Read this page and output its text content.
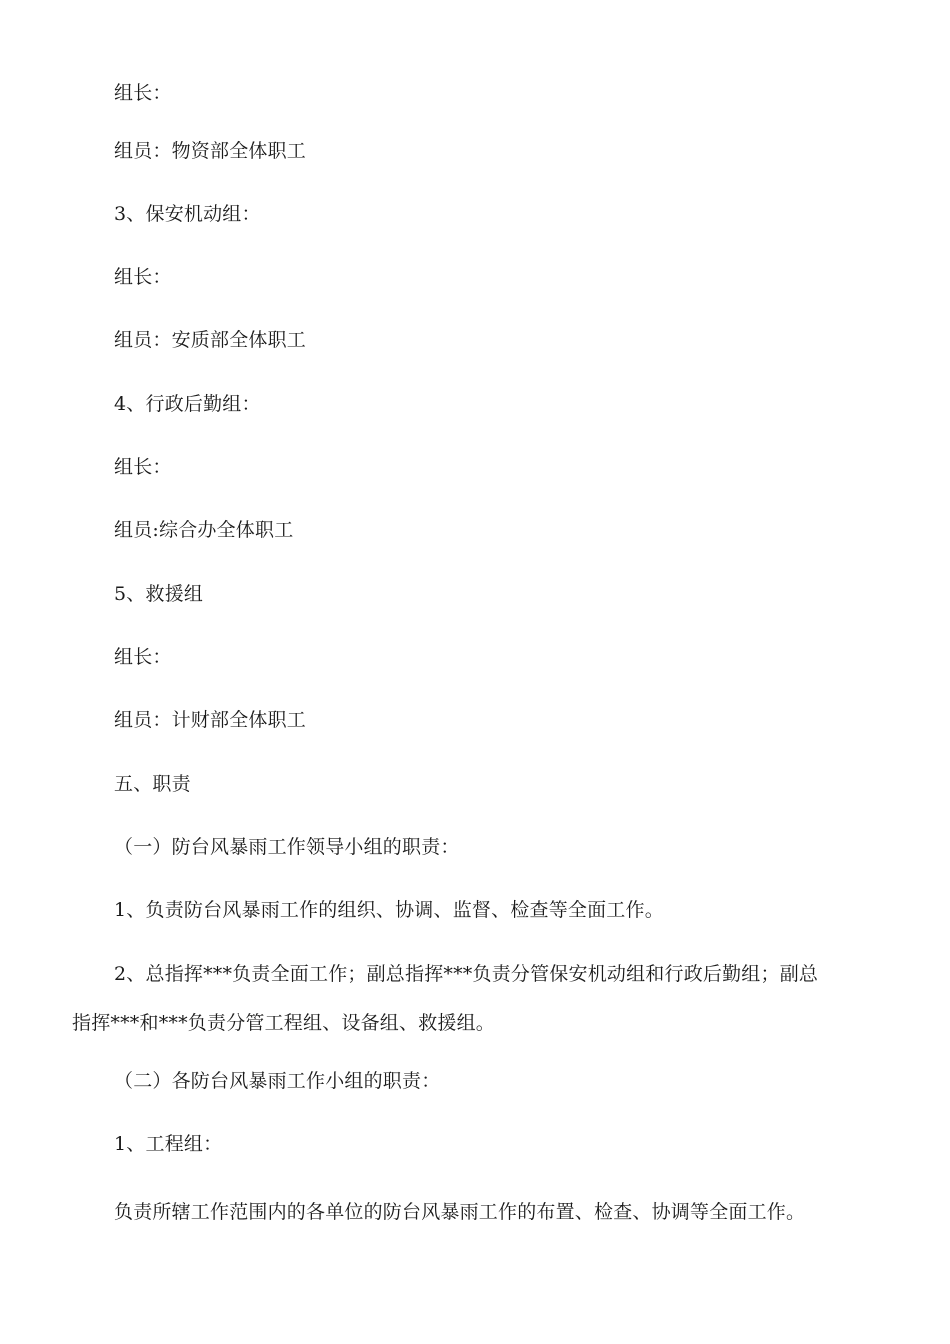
组长：
组员：物资部全体职工
3、保安机动组：
组长：
组员：安质部全体职工
4、行政后勤组：
组长：
组员:综合办全体职工
5、救援组
组长：
组员：计财部全体职工
五、职责
（一）防台风暴雨工作领导小组的职责：
1、负责防台风暴雨工作的组织、协调、监督、检查等全面工作。
2、总指挥***负责全面工作；副总指挥***负责分管保安机动组和行政后勤组；副总
指挥***和***负责分管工程组、设备组、救援组。
（二）各防台风暴雨工作小组的职责：
1、工程组：
负责所辖工作范围内的各单位的防台风暴雨工作的布置、检查、协调等全面工作。
